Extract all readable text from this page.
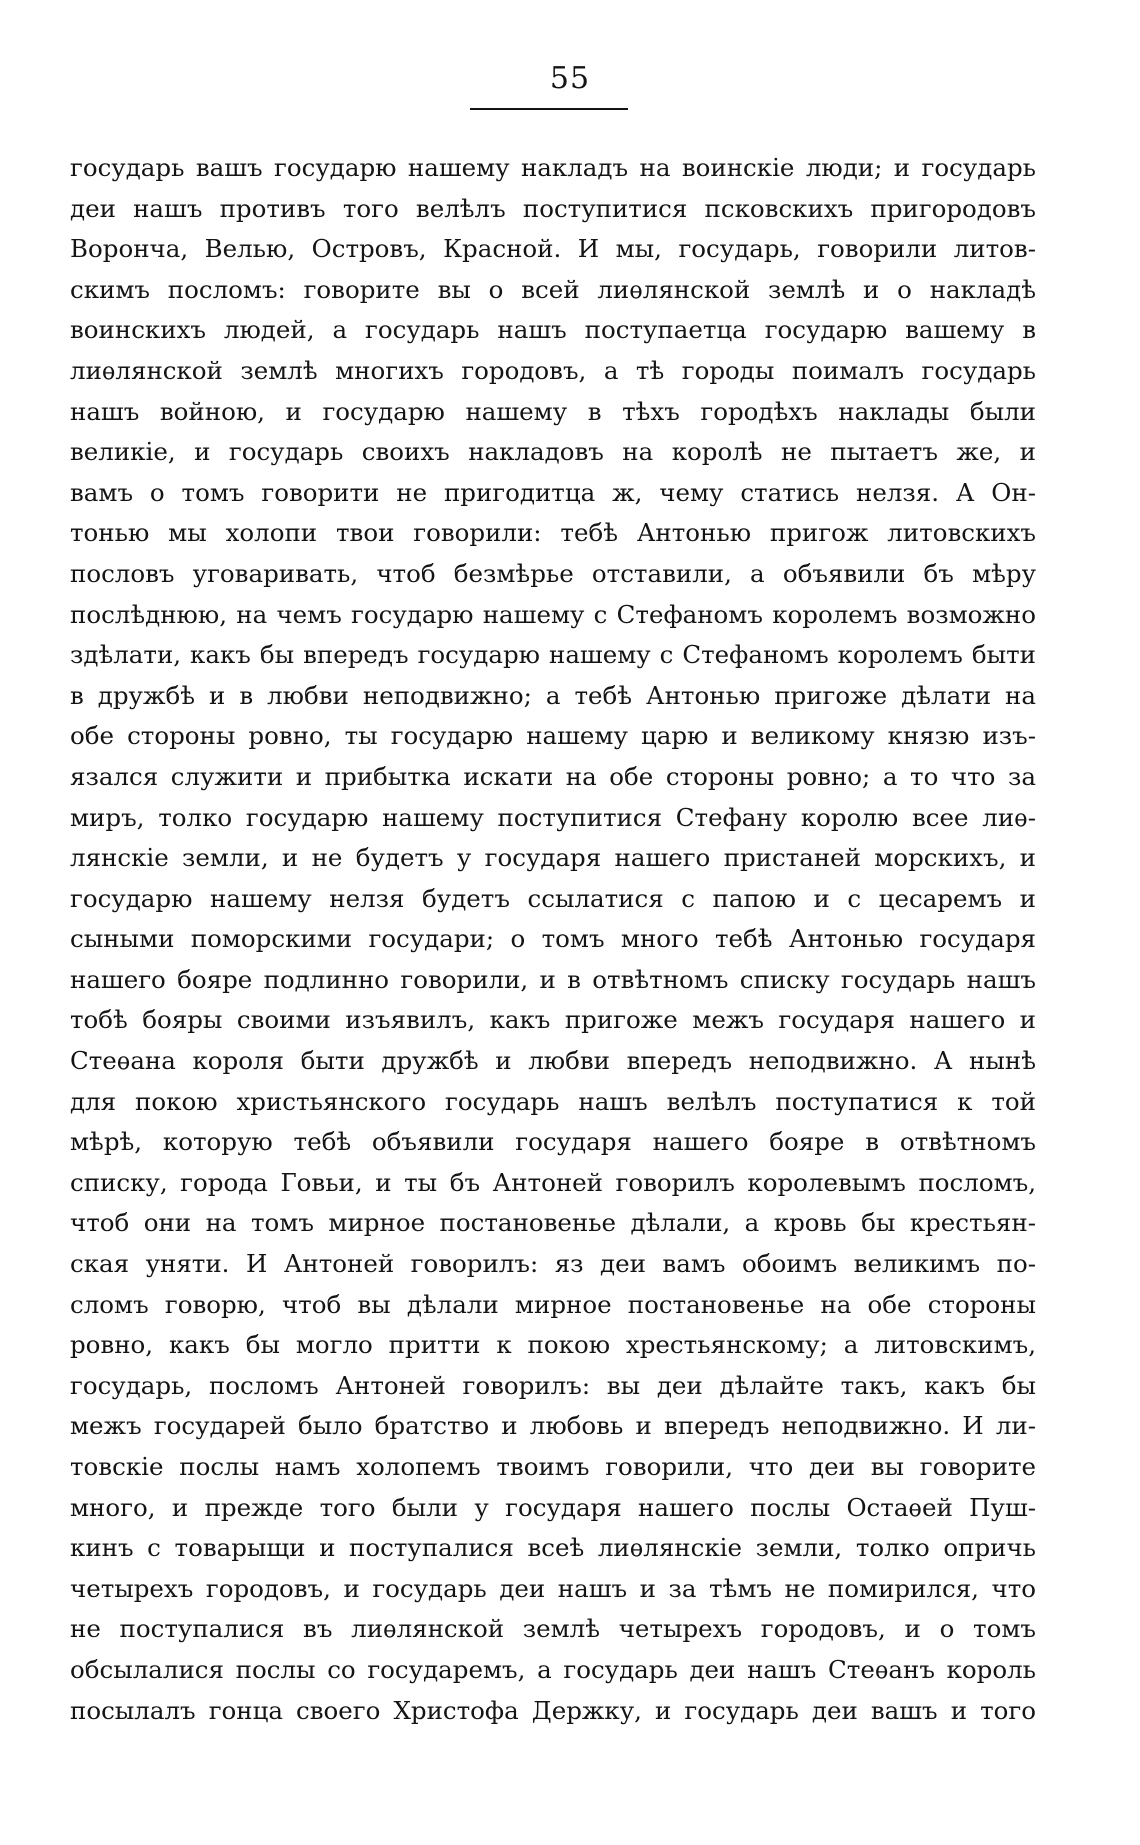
55
государь вашъ государю нашему накладъ на воинскіе люди; и государь
деи нашъ противъ того велѣлъ поступитися псковскихъ пригородовъ
Воронча, Велью, Островъ, Красной. И мы, государь, говорили литов-
скимъ посломъ: говорите вы о всей лиѳлянской землѣ и о накладѣ
воинскихъ людей, а государь нашъ поступаетца государю вашему в
лиѳлянской землѣ многихъ городовъ, а тѣ городы поималъ государь
нашъ войною, и государю нашему в тѣхъ городѣхъ наклады были
великіе, и государь своихъ накладовъ на королѣ не пытаетъ же, и
вамъ о томъ говорити не пригодитца ж, чему статись нелзя. А Он-
тонью мы холопи твои говорили: тебѣ Антонью пригож литовскихъ
пословъ уговаривать, чтоб безмѣрье отставили, а объявили бъ мѣру
послѣднюю, на чемъ государю нашему с Стефаномъ королемъ возможно
здѣлати, какъ бы впередъ государю нашему с Стефаномъ королемъ быти
в дружбѣ и в любви неподвижно; а тебѣ Антонью пригоже дѣлати на
обе стороны ровно, ты государю нашему царю и великому князю изъ-
язался служити и прибытка искати на обе стороны ровно; а то что за
миръ, толко государю нашему поступитися Стефану королю всее лиѳ-
лянскіе земли, и не будетъ у государя нашего пристаней морскихъ, и
государю нашему нелзя будетъ ссылатися с папою и с цесаремъ и
сыными поморскими государи; о томъ много тебѣ Антонью государя
нашего бояре подлинно говорили, и в отвѣтномъ списку государь нашъ
тобѣ бояры своими изъявилъ, какъ пригоже межъ государя нашего и
Стеѳана короля быти дружбѣ и любви впередъ неподвижно. А нынѣ
для покою христьянского государь нашъ велѣлъ поступатися к той
мѣрѣ, которую тебѣ объявили государя нашего бояре в отвѣтномъ
списку, города Говьи, и ты бъ Антоней говорилъ королевымъ посломъ,
чтоб они на томъ мирное постановенье дѣлали, а кровь бы крестьян-
ская уняти. И Антоней говорилъ: яз деи вамъ обоимъ великимъ по-
сломъ говорю, чтоб вы дѣлали мирное постановенье на обе стороны
ровно, какъ бы могло притти к покою хрестьянскому; а литовскимъ,
государь, посломъ Антоней говорилъ: вы деи дѣлайте такъ, какъ бы
межъ государей было братство и любовь и впередъ неподвижно. И ли-
товскіе послы намъ холопемъ твоимъ говорили, что деи вы говорите
много, и прежде того были у государя нашего послы Остаѳей Пуш-
кинъ с товарыщи и поступалися всеѣ лиѳлянскіе земли, толко опричь
четырехъ городовъ, и государь деи нашъ и за тѣмъ не помирился, что
не поступалися въ лиѳлянской землѣ четырехъ городовъ, и о томъ
обсылалися послы со государемъ, а государь деи нашъ Стеѳанъ король
посылалъ гонца своего Христофа Держку, и государь деи вашъ и того
